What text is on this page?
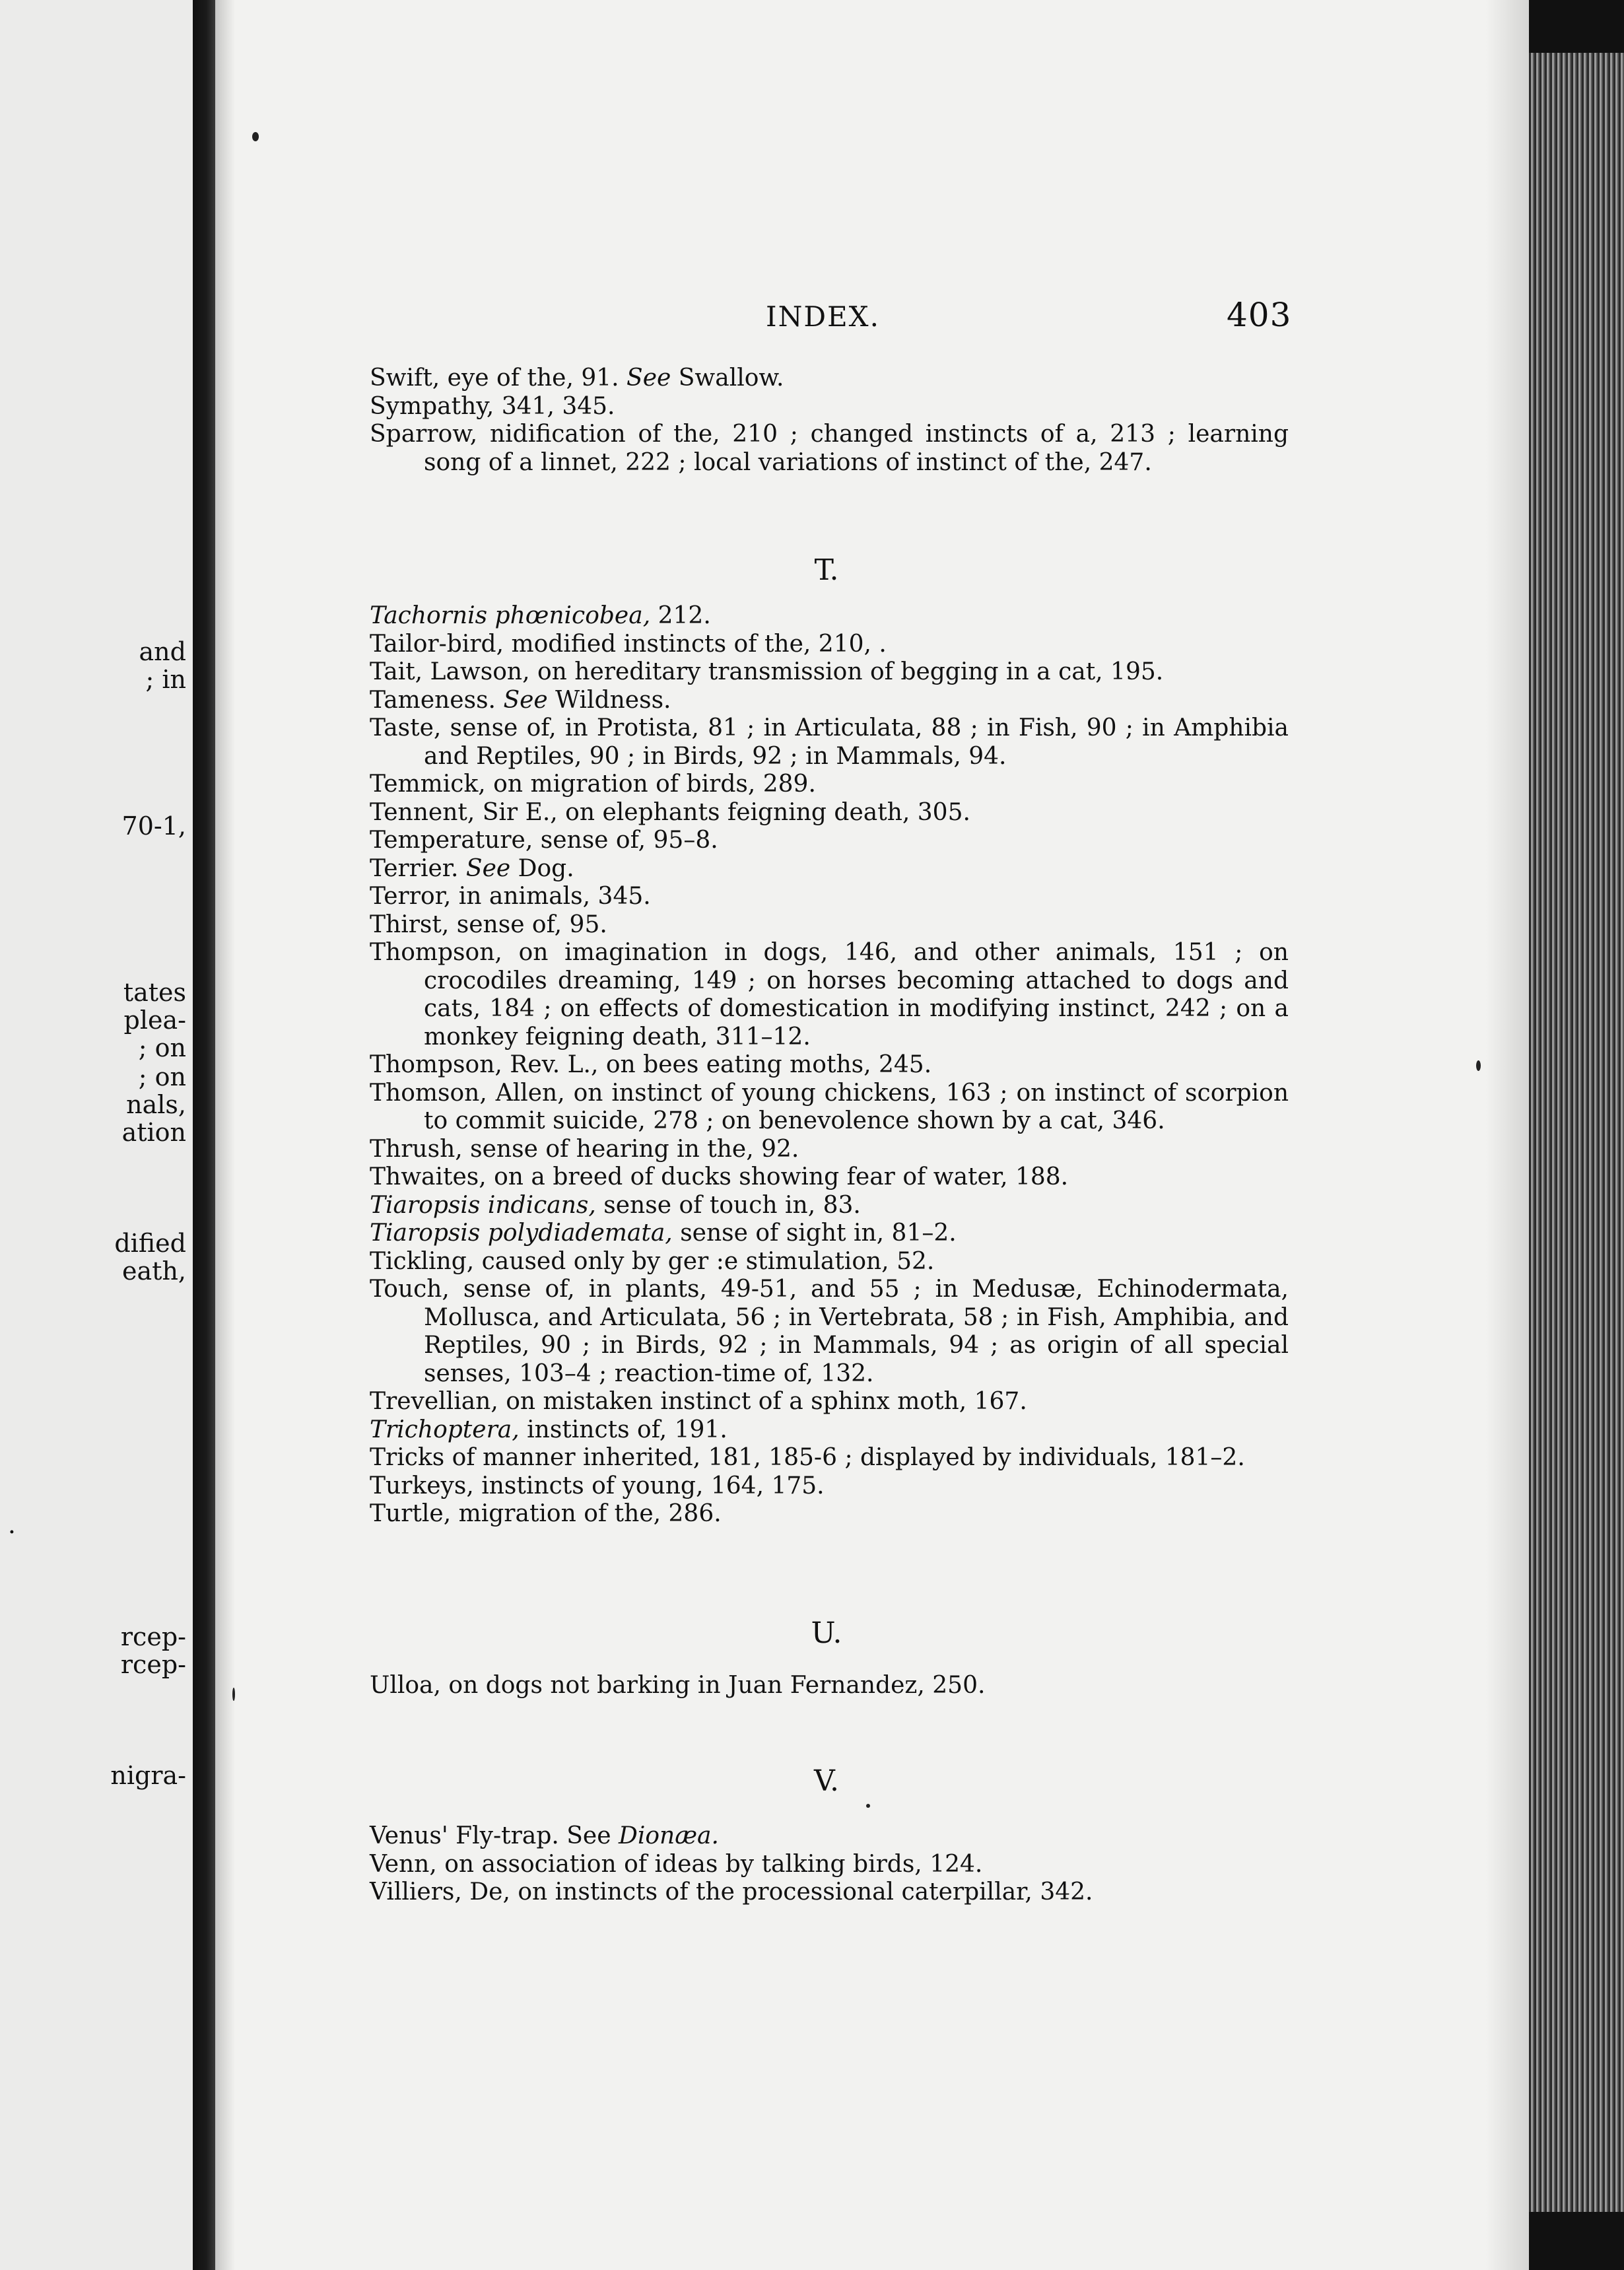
and
; in
70-1,
tates
plea-
; on
; on
nals,
ation
dified
eath,
.
rcep-
rcep-
nigra-
INDEX.	403

Swift, eye of the, 91. See Swallow.

Sympathy, 341, 345.

Sparrow, nidification of the, 210 ; changed instincts of a, 213 ; learning song of a linnet, 222 ; local variations of instinct of the, 247.

T.

Tachornis phœnicobea, 212.

Tailor-bird, modified instincts of the, 210, .

Tait, Lawson, on hereditary transmission of begging in a cat, 195.

Tameness. See Wildness.

Taste, sense of, in Protista, 81 ; in Articulata, 88 ; in Fish, 90 ; in Amphibia and Reptiles, 90 ; in Birds, 92 ; in Mammals, 94.

Temmick, on migration of birds, 289.

Tennent, Sir E., on elephants feigning death, 305.

Temperature, sense of, 95–8.

Terrier. See Dog.

Terror, in animals, 345.

Thirst, sense of, 95.

Thompson, on imagination in dogs, 146, and other animals, 151 ; on crocodiles dreaming, 149 ; on horses becoming attached to dogs and cats, 184 ; on effects of domestication in modifying instinct, 242 ; on a monkey feigning death, 311–12.

Thompson, Rev. L., on bees eating moths, 245.

Thomson, Allen, on instinct of young chickens, 163 ; on instinct of scorpion to commit suicide, 278 ; on benevolence shown by a cat, 346.

Thrush, sense of hearing in the, 92.

Thwaites, on a breed of ducks showing fear of water, 188.

Tiaropsis indicans, sense of touch in, 83.

Tiaropsis polydiademata, sense of sight in, 81–2.

Tickling, caused only by ger :e stimulation, 52.

Touch, sense of, in plants, 49-51, and 55 ; in Medusæ, Echinodermata, Mollusca, and Articulata, 56 ; in Vertebrata, 58 ; in Fish, Amphibia, and Reptiles, 90 ; in Birds, 92 ; in Mammals, 94 ; as origin of all special senses, 103–4 ; reaction-time of, 132.

Trevellian, on mistaken instinct of a sphinx moth, 167.

Trichoptera, instincts of, 191.

Tricks of manner inherited, 181, 185-6 ; displayed by individuals, 181–2.

Turkeys, instincts of young, 164, 175.

Turtle, migration of the, 286.

U.

Ulloa, on dogs not barking in Juan Fernandez, 250.

V.

Venus' Fly-trap. See Dionæa.

Venn, on association of ideas by talking birds, 124.

Villiers, De, on instincts of the processional caterpillar, 342.
